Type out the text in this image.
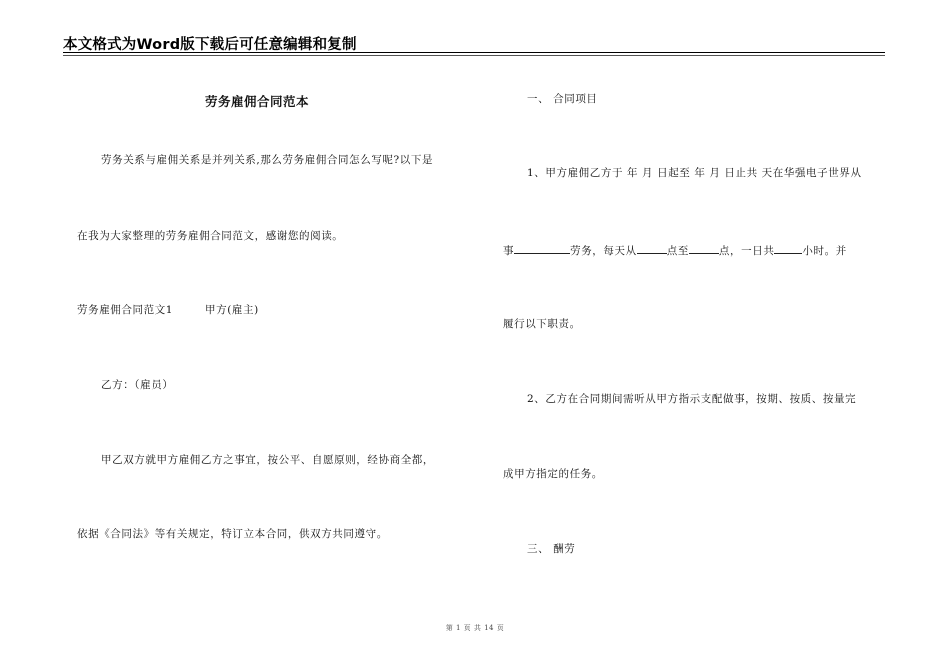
本文格式为Word版下载后可任意编辑和复制
劳务雇佣合同范本
劳务关系与雇佣关系是并列关系,那么劳务雇佣合同怎么写呢?以下是
在我为大家整理的劳务雇佣合同范文，感谢您的阅读。
劳务雇佣合同范文1	甲方(雇主)
乙方：（雇员）
甲乙双方就甲方雇佣乙方之事宜，按公平、自愿原则，经协商全都，
依据《合同法》等有关规定，特订立本合同，供双方共同遵守。
一、 合同项目
1、甲方雇佣乙方于 年 月 日起至 年 月 日止共 天在华强电子世界从
事	劳务，每天从	点至	点，一日共	小时。并
履行以下职责。
2、乙方在合同期间需听从甲方指示支配做事，按期、按质、按量完
成甲方指定的任务。
三、 酬劳
第 1 页 共 14 页
